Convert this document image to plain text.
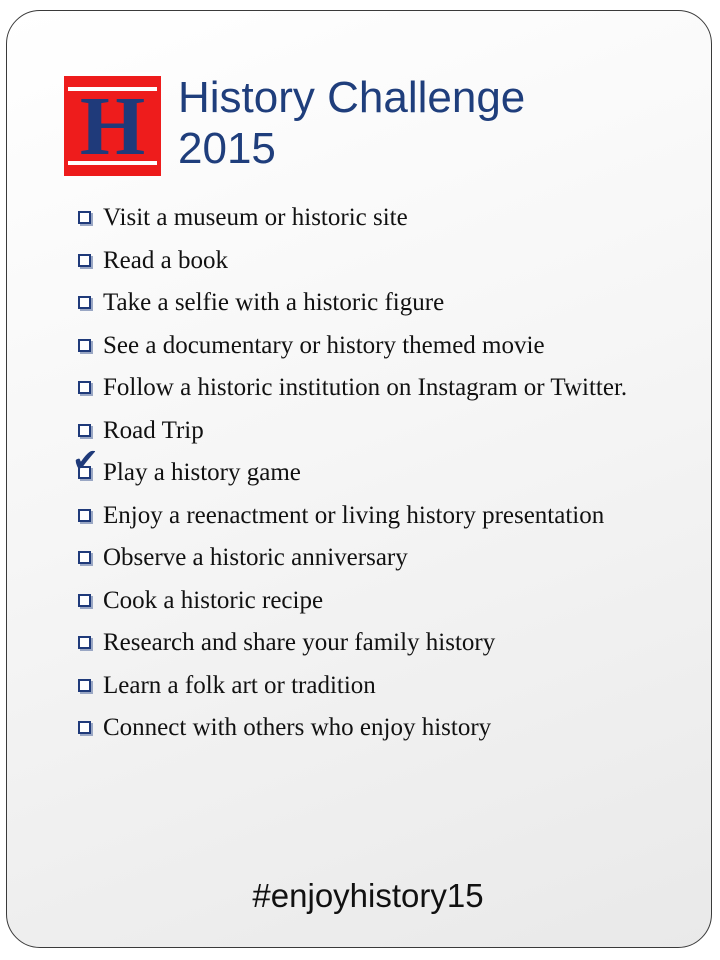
H History Challenge
2015
Visit a museum or historic site
Read a book
Take a selfie with a historic figure
See a documentary or history themed movie
Follow a historic institution on Instagram or Twitter.
Road Trip
✔ Play a history game
Enjoy a reenactment or living history presentation
Observe a historic anniversary
Cook a historic recipe
Research and share your family history
Learn a folk art or tradition
Connect with others who enjoy history
#enjoyhistory15
